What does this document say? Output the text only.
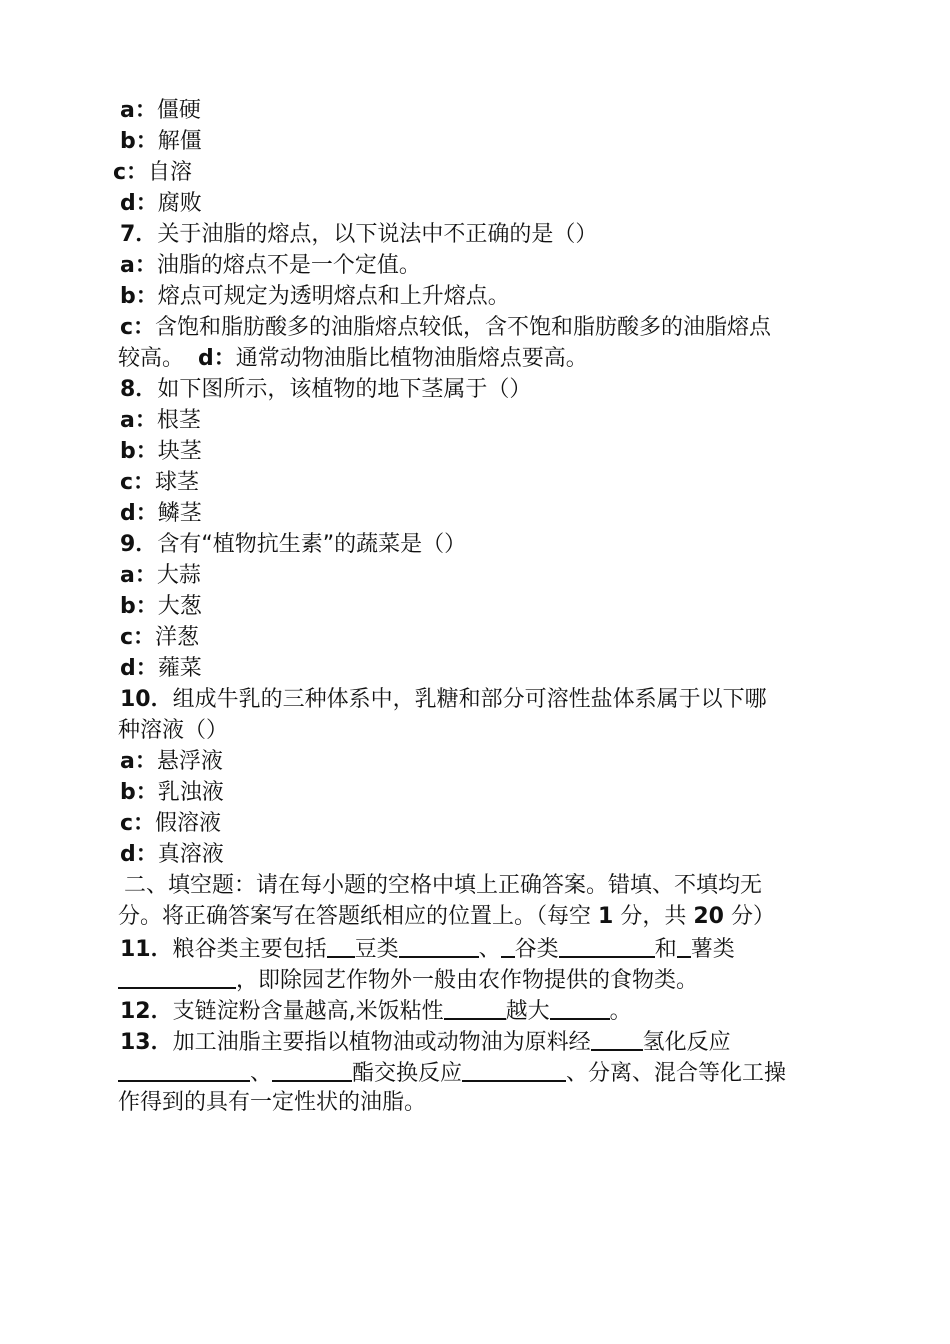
a：僵硬
b：解僵
c：自溶
d：腐败
7．关于油脂的熔点，以下说法中不正确的是（）
a：油脂的熔点不是一个定值。
b：熔点可规定为透明熔点和上升熔点。
c：含饱和脂肪酸多的油脂熔点较低，含不饱和脂肪酸多的油脂熔点
较高。 d：通常动物油脂比植物油脂熔点要高。
8．如下图所示，该植物的地下茎属于（）
a：根茎
b：块茎
c：球茎
d：鳞茎
9．含有“植物抗生素”的蔬菜是（）
a：大蒜
b：大葱
c：洋葱
d：蕹菜
10．组成牛乳的三种体系中，乳糖和部分可溶性盐体系属于以下哪
种溶液（）
a：悬浮液
b：乳浊液
c：假溶液
d：真溶液
二、填空题：请在每小题的空格中填上正确答案。错填、不填均无
分。将正确答案写在答题纸相应的位置上。（每空 1 分，共 20 分）
11．粮谷类主要包括 豆类	、 谷类	和 薯类
，即除园艺作物外一般由农作物提供的食物类。
12．支链淀粉含量越高,米饭粘性	越大	。
13．加工油脂主要指以植物油或动物油为原料经 氢化反应
、	酯交换反应	、分离、混合等化工操
作得到的具有一定性状的油脂。
